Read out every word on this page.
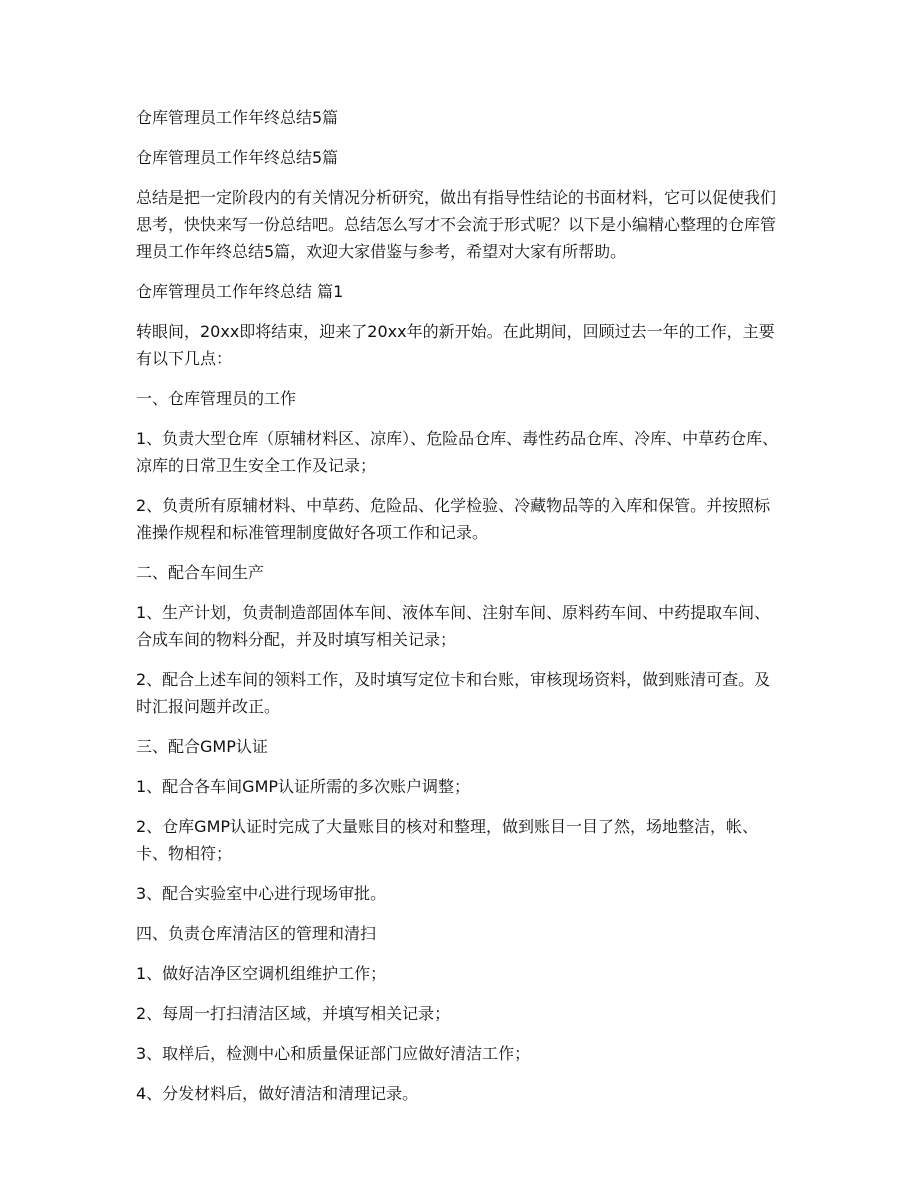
仓库管理员工作年终总结5篇

仓库管理员工作年终总结5篇

总结是把一定阶段内的有关情况分析研究，做出有指导性结论的书面材料，它可以促使我们思考，快快来写一份总结吧。总结怎么写才不会流于形式呢？以下是小编精心整理的仓库管理员工作年终总结5篇，欢迎大家借鉴与参考，希望对大家有所帮助。

仓库管理员工作年终总结 篇1

转眼间，20xx即将结束，迎来了20xx年的新开始。在此期间，回顾过去一年的工作，主要有以下几点：

一、仓库管理员的工作

1、负责大型仓库（原辅材料区、凉库）、危险品仓库、毒性药品仓库、冷库、中草药仓库、凉库的日常卫生安全工作及记录；

2、负责所有原辅材料、中草药、危险品、化学检验、冷藏物品等的入库和保管。并按照标准操作规程和标准管理制度做好各项工作和记录。

二、配合车间生产

1、生产计划，负责制造部固体车间、液体车间、注射车间、原料药车间、中药提取车间、合成车间的物料分配，并及时填写相关记录；

2、配合上述车间的领料工作，及时填写定位卡和台账，审核现场资料，做到账清可查。及时汇报问题并改正。

三、配合GMP认证

1、配合各车间GMP认证所需的多次账户调整；

2、仓库GMP认证时完成了大量账目的核对和整理，做到账目一目了然，场地整洁，帐、卡、物相符；

3、配合实验室中心进行现场审批。

四、负责仓库清洁区的管理和清扫

1、做好洁净区空调机组维护工作；

2、每周一打扫清洁区域，并填写相关记录；

3、取样后，检测中心和质量保证部门应做好清洁工作；

4、分发材料后，做好清洁和清理记录。
